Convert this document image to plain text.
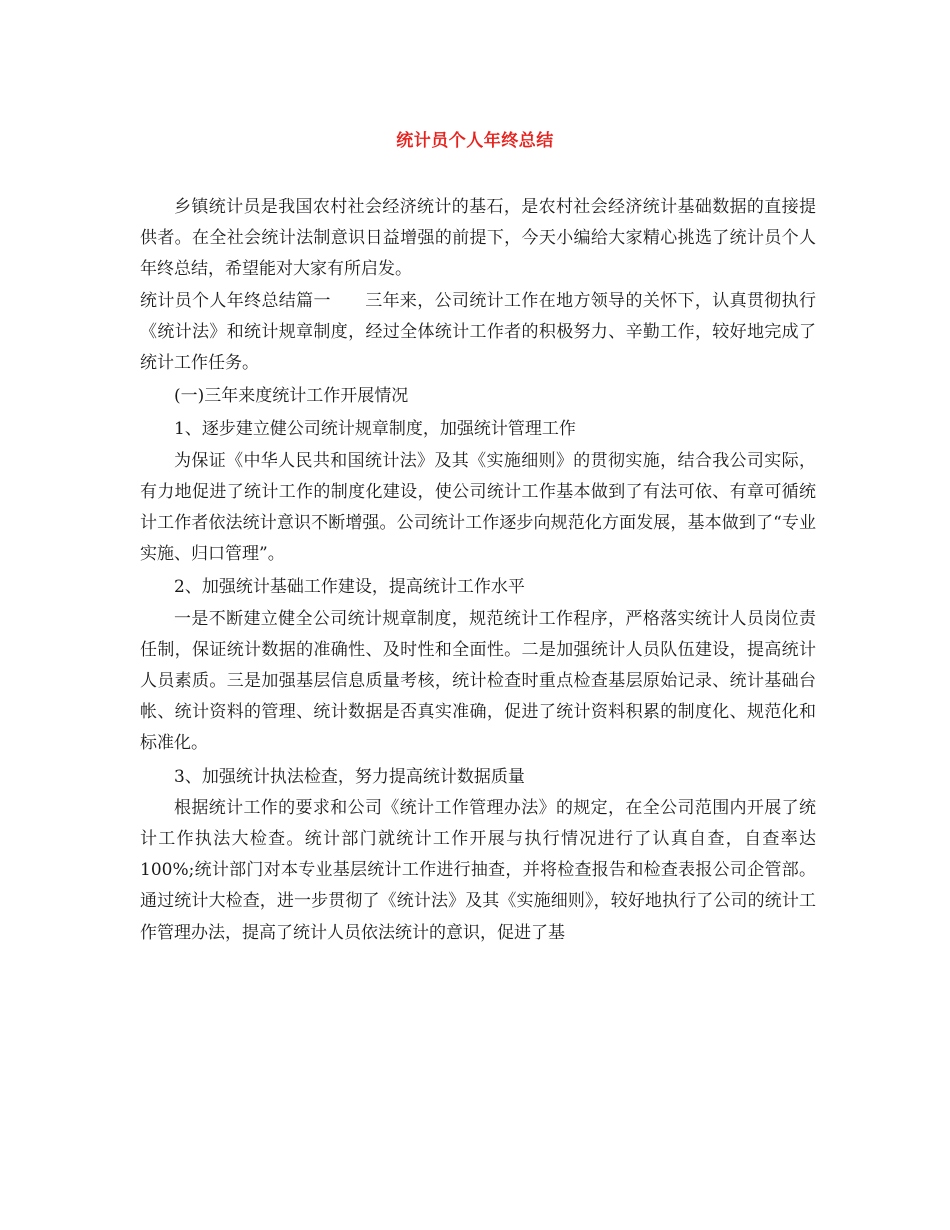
统计员个人年终总结

乡镇统计员是我国农村社会经济统计的基石，是农村社会经济统计基础数据的直接提供者。在全社会统计法制意识日益增强的前提下，今天小编给大家精心挑选了统计员个人年终总结，希望能对大家有所启发。

统计员个人年终总结篇一 三年来，公司统计工作在地方领导的关怀下，认真贯彻执行《统计法》和统计规章制度，经过全体统计工作者的积极努力、辛勤工作，较好地完成了统计工作任务。

(一)三年来度统计工作开展情况

1、逐步建立健公司统计规章制度，加强统计管理工作

为保证《中华人民共和国统计法》及其《实施细则》的贯彻实施，结合我公司实际，有力地促进了统计工作的制度化建设，使公司统计工作基本做到了有法可依、有章可循统计工作者依法统计意识不断增强。公司统计工作逐步向规范化方面发展，基本做到了“专业实施、归口管理”。

2、加强统计基础工作建设，提高统计工作水平

一是不断建立健全公司统计规章制度，规范统计工作程序，严格落实统计人员岗位责任制，保证统计数据的准确性、及时性和全面性。二是加强统计人员队伍建设，提高统计人员素质。三是加强基层信息质量考核，统计检查时重点检查基层原始记录、统计基础台帐、统计资料的管理、统计数据是否真实准确，促进了统计资料积累的制度化、规范化和标准化。

3、加强统计执法检查，努力提高统计数据质量

根据统计工作的要求和公司《统计工作管理办法》的规定，在全公司范围内开展了统计工作执法大检查。统计部门就统计工作开展与执行情况进行了认真自查，自查率达100%;统计部门对本专业基层统计工作进行抽查，并将检查报告和检查表报公司企管部。通过统计大检查，进一步贯彻了《统计法》及其《实施细则》，较好地执行了公司的统计工作管理办法，提高了统计人员依法统计的意识，促进了基
